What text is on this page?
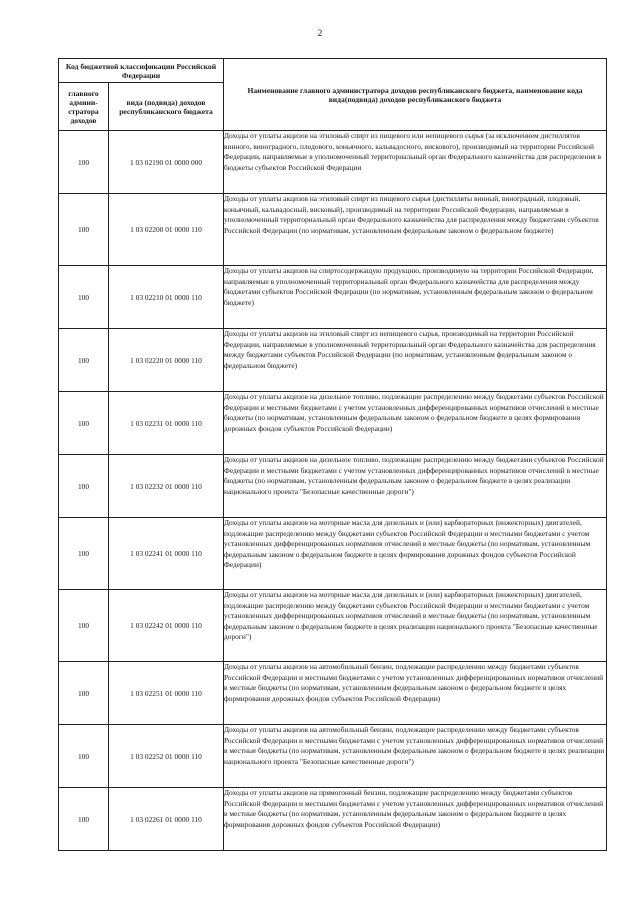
2
Код бюджетной классификации Российской Федерации		Наименование главного администратора доходов республиканского бюджета, наименование кода вида(подвида) доходов республиканского бюджета
главного админи-стратора доходов	вида (подвида) доходов республиканского бюджета	
100	1 03 02190 01 0000 000	Доходы от уплаты акцизов на этиловый спирт из пищевого или непищевого сырья (за исключением дистиллятов винного, виноградного, плодового, коньячного, кальвадосного, вискового), производимый на территории Российской Федерации, направляемые в уполномоченный территориальный орган Федерального казначейства для распределения в бюджеты субъектов Российской Федерации
100	1 03 02200 01 0000 110	Доходы от уплаты акцизов на этиловый спирт из пищевого сырья (дистилляты винный, виноградный, плодовый, коньячный, кальвадосный, висковый), производимый на территории Российской Федерации, направляемые в уполномоченный территориальный орган Федерального казначейства для распределения между бюджетами субъектов Российской Федерации (по нормативам, установленным федеральным законом о федеральном бюджете)
100	1 03 02210 01 0000 110	Доходы от уплаты акцизов на спиртосодержащую продукцию, производимую на территории Российской Федерации, направляемые в уполномоченный территориальный орган Федерального казначейства для распределения между бюджетами субъектов Российской Федерации (по нормативам, установленным федеральным законом о федеральном бюджете)
100	1 03 02220 01 0000 110	Доходы от уплаты акцизов на этиловый спирт из непищевого сырья, производимый на территории Российской Федерации, направляемые в уполномоченный территориальный орган Федерального казначейства для распределения между бюджетами субъектов Российской Федерации (по нормативам, установленным федеральным законом о федеральном бюджете)
100	1 03 02231 01 0000 110	Доходы от уплаты акцизов на дизельное топливо, подлежащие распределению между бюджетами субъектов Российской Федерации и местными бюджетами с учетом установленных дифференцированных нормативов отчислений в местные бюджеты (по нормативам, установленным федеральным законом о федеральном бюджете в целях формирования дорожных фондов субъектов Российской Федерации)
100	1 03 02232 01 0000 110	Доходы от уплаты акцизов на дизельное топливо, подлежащие распределению между бюджетами субъектов Российской Федерации и местными бюджетами с учетом установленных дифференцированных нормативов отчислений в местные бюджеты (по нормативам, установленным федеральным законом о федеральном бюджете в целях реализации национального проекта "Безопасные качественные дороги")
100	1 03 02241 01 0000 110	Доходы от уплаты акцизов на моторные масла для дизельных и (или) карбюраторных (инжекторных) двигателей, подлежащие распределению между бюджетами субъектов Российской Федерации и местными бюджетами с учетом установленных дифференцированных нормативов отчислений в местные бюджеты (по нормативам, установленным федеральным законом о федеральном бюджете в целях формирования дорожных фондов субъектов Российской Федерации)
100	1 03 02242 01 0000 110	Доходы от уплаты акцизов на моторные масла для дизельных и (или) карбюраторных (инжекторных) двигателей, подлежащие распределению между бюджетами субъектов Российской Федерации и местными бюджетами с учетом установленных дифференцированных нормативов отчислений в местные бюджеты (по нормативам, установленным федеральным законом о федеральном бюджете в целях реализации национального проекта "Безопасные качественные дороги")
100	1 03 02251 01 0000 110	Доходы от уплаты акцизов на автомобильный бензин, подлежащие распределению между бюджетами субъектов Российской Федерации и местными бюджетами с учетом установленных дифференцированных нормативов отчислений в местные бюджеты (по нормативам, установленным федеральным законом о федеральном бюджете в целях формирования дорожных фондов субъектов Российской Федерации)
100	1 03 02252 01 0000 110	Доходы от уплаты акцизов на автомобильный бензин, подлежащие распределению между бюджетами субъектов Российской Федерации и местными бюджетами с учетом установленных дифференцированных нормативов отчислений в местные бюджеты (по нормативам, установленным федеральным законом о федеральном бюджете в целях реализации национального проекта "Безопасные качественные дороги")
100	1 03 02261 01 0000 110	Доходы от уплаты акцизов на прямогонный бензин, подлежащие распределению между бюджетами субъектов Российской Федерации и местными бюджетами с учетом установленных дифференцированных нормативов отчислений в местные бюджеты (по нормативам, установленным федеральным законом о федеральном бюджете в целях формирования дорожных фондов субъектов Российской Федерации)
